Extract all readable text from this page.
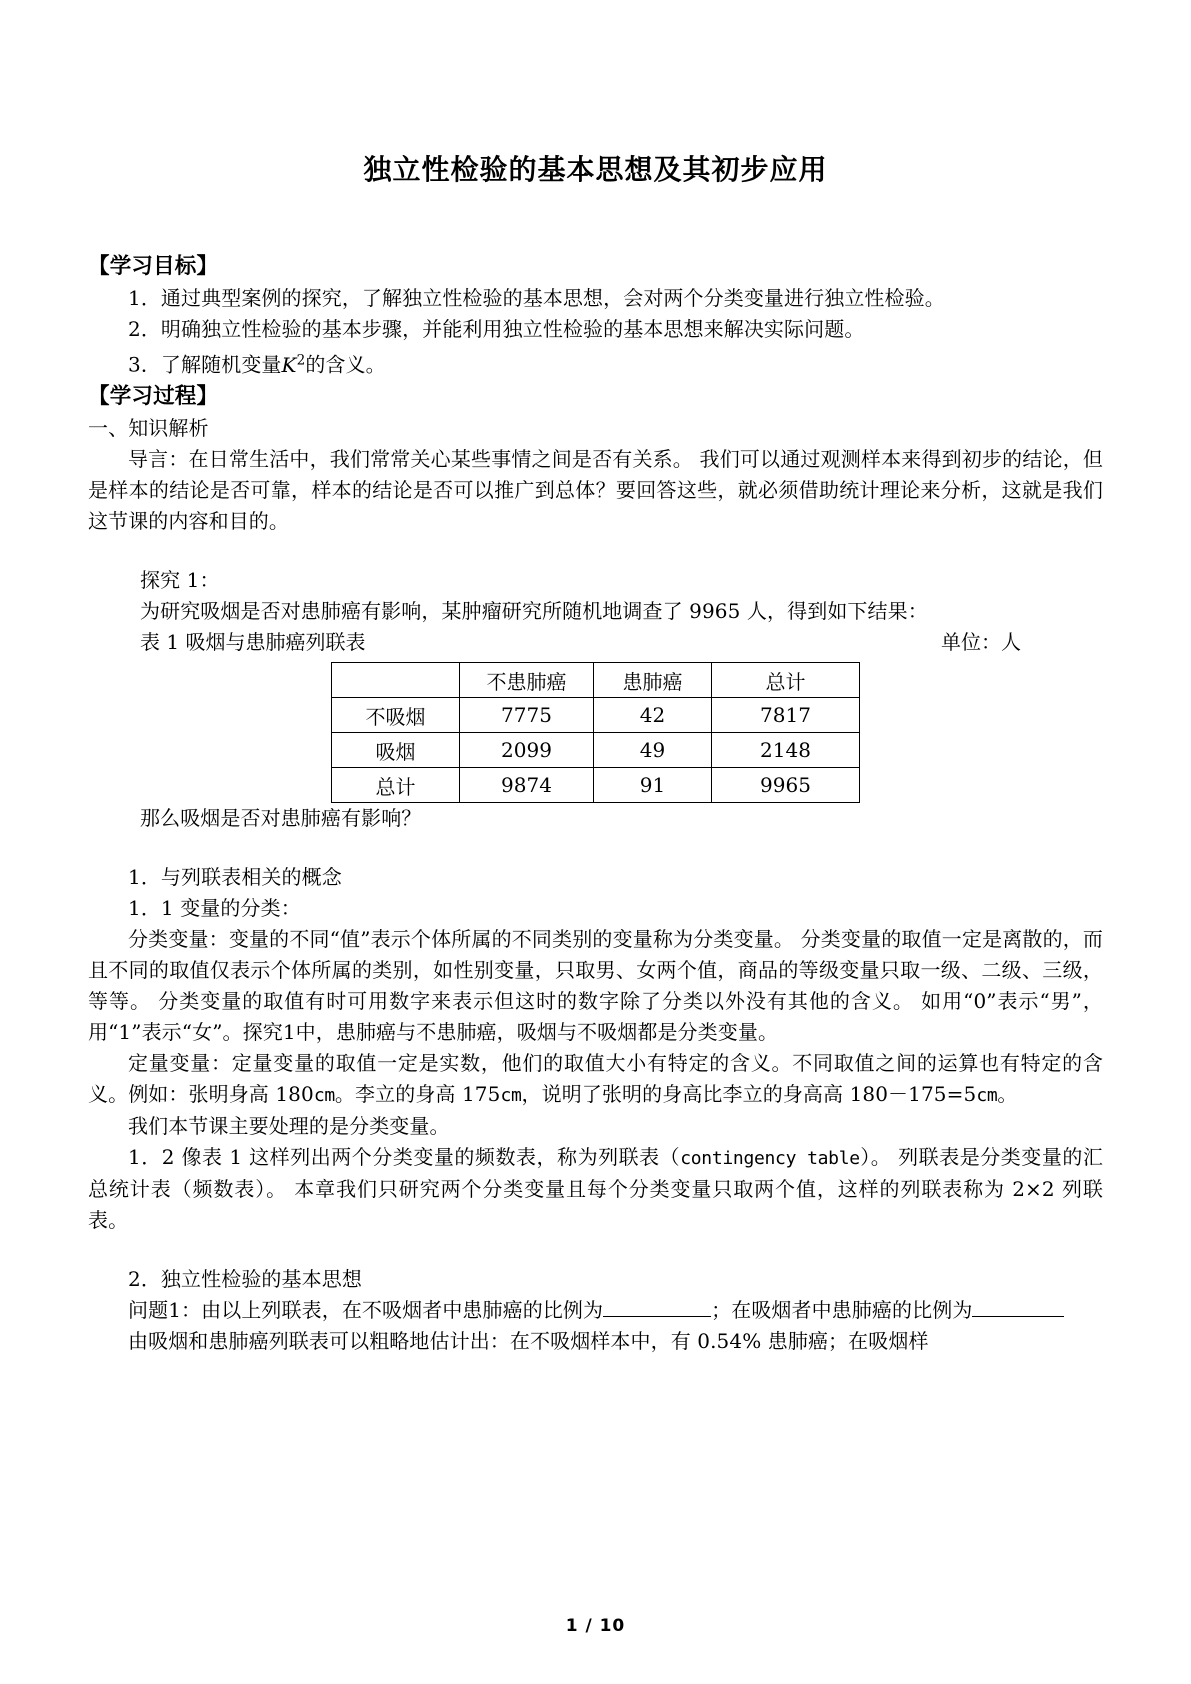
独立性检验的基本思想及其初步应用
【学习目标】

1．通过典型案例的探究，了解独立性检验的基本思想，会对两个分类变量进行独立性检验。

2．明确独立性检验的基本步骤，并能利用独立性检验的基本思想来解决实际问题。

3．了解随机变量$K^2$的含义。

【学习过程】

一、知识解析

导言：在日常生活中，我们常常关心某些事情之间是否有关系。 我们可以通过观测样本来得到初步的结论，但是样本的结论是否可靠，样本的结论是否可以推广到总体？要回答这些，就必须借助统计理论来分析，这就是我们这节课的内容和目的。

探究 1：

为研究吸烟是否对患肺癌有影响，某肿瘤研究所随机地调查了 9965 人，得到如下结果：

表 1 吸烟与患肺癌列联表	单位：人
	不患肺癌	患肺癌	总计
不吸烟	7775	42	7817
吸烟	2099	49	2148
总计	9874	91	9965

那么吸烟是否对患肺癌有影响？

1．与列联表相关的概念

1．1 变量的分类：

分类变量：变量的不同“值”表示个体所属的不同类别的变量称为分类变量。 分类变量的取值一定是离散的，而且不同的取值仅表示个体所属的类别，如性别变量，只取男、女两个值，商品的等级变量只取一级、二级、三级，等等。 分类变量的取值有时可用数字来表示但这时的数字除了分类以外没有其他的含义。 如用“0”表示“男”，用“1”表示“女”。探究1中，患肺癌与不患肺癌，吸烟与不吸烟都是分类变量。

定量变量：定量变量的取值一定是实数，他们的取值大小有特定的含义。不同取值之间的运算也有特定的含义。例如：张明身高 180cm。李立的身高 175cm，说明了张明的身高比李立的身高高 180－175=5cm。

我们本节课主要处理的是分类变量。

1．2 像表 1 这样列出两个分类变量的频数表，称为列联表（contingency table）。 列联表是分类变量的汇总统计表（频数表）。 本章我们只研究两个分类变量且每个分类变量只取两个值，这样的列联表称为 2×2 列联表。

2．独立性检验的基本思想

问题1：由以上列联表，在不吸烟者中患肺癌的比例为	；在吸烟者中患肺癌的比例为

由吸烟和患肺癌列联表可以粗略地估计出：在不吸烟样本中，有 0.54% 患肺癌；在吸烟样

1 / 10
